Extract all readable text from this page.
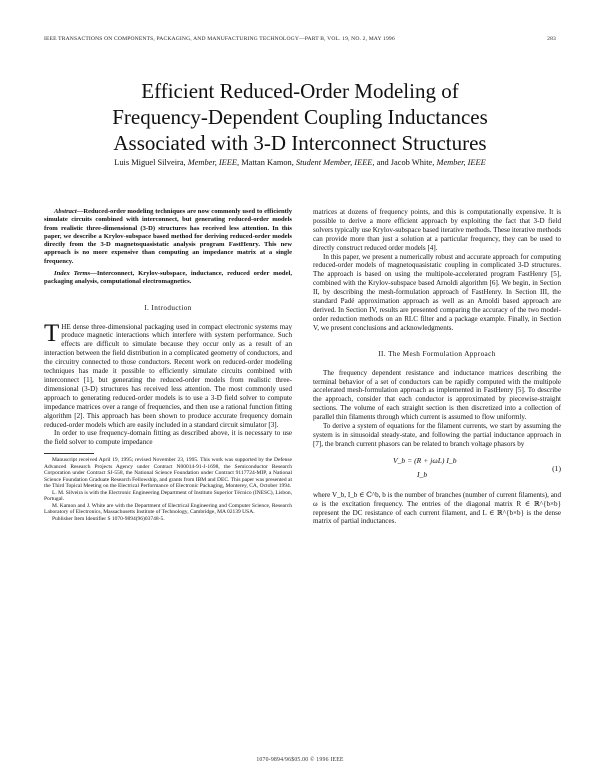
IEEE TRANSACTIONS ON COMPONENTS, PACKAGING, AND MANUFACTURING TECHNOLOGY—PART B, VOL. 19, NO. 2, MAY 1996	283
Efficient Reduced-Order Modeling of
Frequency-Dependent Coupling Inductances
Associated with 3-D Interconnect Structures
Luis Miguel Silveira, Member, IEEE, Mattan Kamon, Student Member, IEEE, and Jacob White, Member, IEEE

Abstract—Reduced-order modeling techniques are now commonly used to efficiently simulate circuits combined with interconnect, but generating reduced-order models from realistic three-dimensional (3-D) structures has received less attention. In this paper, we describe a Krylov-subspace based method for deriving reduced-order models directly from the 3-D magnetoquasistatic analysis program FastHenry. This new approach is no more expensive than computing an impedance matrix at a single frequency.

Index Terms—Interconnect, Krylov-subspace, inductance, reduced order model, packaging analysis, computational electromagnetics.

I. Introduction

THE dense three-dimensional packaging used in compact electronic systems may produce magnetic interactions which interfere with system performance. Such effects are difficult to simulate because they occur only as a result of an interaction between the field distribution in a complicated geometry of conductors, and the circuitry connected to those conductors. Recent work on reduced-order modeling techniques has made it possible to efficiently simulate circuits combined with interconnect [1], but generating the reduced-order models from realistic three-dimensional (3-D) structures has received less attention. The most commonly used approach to generating reduced-order models is to use a 3-D field solver to compute impedance matrices over a range of frequencies, and then use a rational function fitting algorithm [2]. This approach has been shown to produce accurate frequency domain reduced-order models which are easily included in a standard circuit simulator [3].

In order to use frequency-domain fitting as described above, it is necessary to use the field solver to compute impedance

Manuscript received April 19, 1995; revised November 23, 1995. This work was supported by the Defense Advanced Research Projects Agency under Contract N00014-91-J-1698, the Semiconductor Research Corporation under Contract SJ-558, the National Science Foundation under Contract 9117724-MIP, a National Science Foundation Graduate Research Fellowship, and grants from IBM and DEC. This paper was presented at the Third Topical Meeting on the Electrical Performance of Electronic Packaging, Monterey, CA, October 1994.

L. M. Silveira is with the Electronic Engineering Department of Instituto Superior Técnico (INESC), Lisbon, Portugal.

M. Kamon and J. White are with the Department of Electrical Engineering and Computer Science, Research Laboratory of Electronics, Massachusetts Institute of Technology, Cambridge, MA 02139 USA.

Publisher Item Identifier S 1070-9894(96)03748-5.

matrices at dozens of frequency points, and this is computationally expensive. It is possible to derive a more efficient approach by exploiting the fact that 3-D field solvers typically use Krylov-subspace based iterative methods. These iterative methods can provide more than just a solution at a particular frequency, they can be used to directly construct reduced order models [4].

In this paper, we present a numerically robust and accurate approach for computing reduced-order models of magnetoquasistatic coupling in complicated 3-D structures. The approach is based on using the multipole-accelerated program FastHenry [5], combined with the Krylov-subspace based Arnoldi algorithm [6]. We begin, in Section II, by describing the mesh-formulation approach of FastHenry. In Section III, the standard Padé approximation approach as well as an Arnoldi based approach are derived. In Section IV, results are presented comparing the accuracy of the two model-order reduction methods on an RLC filter and a package example. Finally, in Section V, we present conclusions and acknowledgments.

II. The Mesh Formulation Approach

The frequency dependent resistance and inductance matrices describing the terminal behavior of a set of conductors can be rapidly computed with the multipole accelerated mesh-formulation approach as implemented in FastHenry [5]. To describe the approach, consider that each conductor is approximated by piecewise-straight sections. The volume of each straight section is then discretized into a collection of parallel thin filaments through which current is assumed to flow uniformly.

To derive a system of equations for the filament currents, we start by assuming the system is in sinusoidal steady-state, and following the partial inductance approach in [7], the branch current phasors can be related to branch voltage phasors by

V_b = (R + jωL) I_b
I_b
(1)

where V_b, I_b ∈ ℂ^b, b is the number of branches (number of current filaments), and ω is the excitation frequency. The entries of the diagonal matrix R ∈ ℝ^{b×b} represent the DC resistance of each current filament, and L ∈ ℝ^{b×b} is the dense matrix of partial inductances.

1070-9894/96$05.00 © 1996 IEEE
